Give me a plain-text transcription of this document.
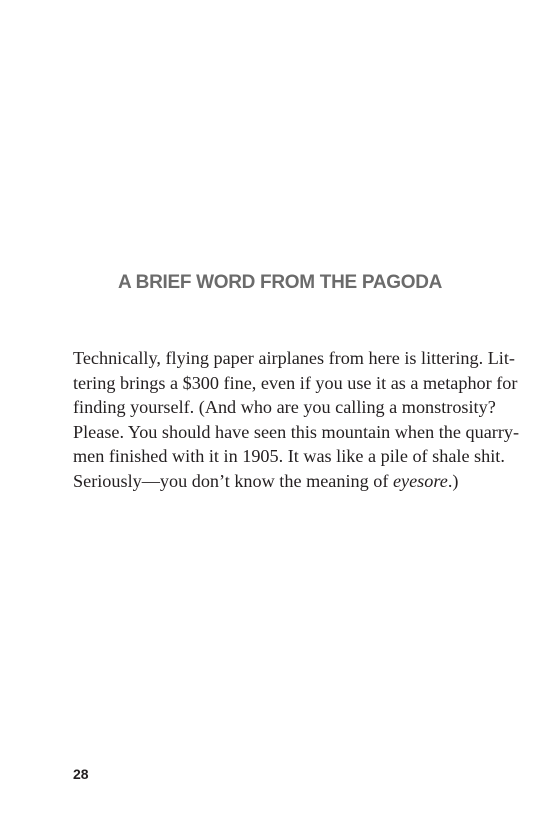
A BRIEF WORD FROM THE PAGODA

Technically, flying paper airplanes from here is littering. Lit-
tering brings a $300 fine, even if you use it as a metaphor for
finding yourself. (And who are you calling a monstrosity?
Please. You should have seen this mountain when the quarry-
men finished with it in 1905. It was like a pile of shale shit.
Seriously—you don’t know the meaning of eyesore.)

28
